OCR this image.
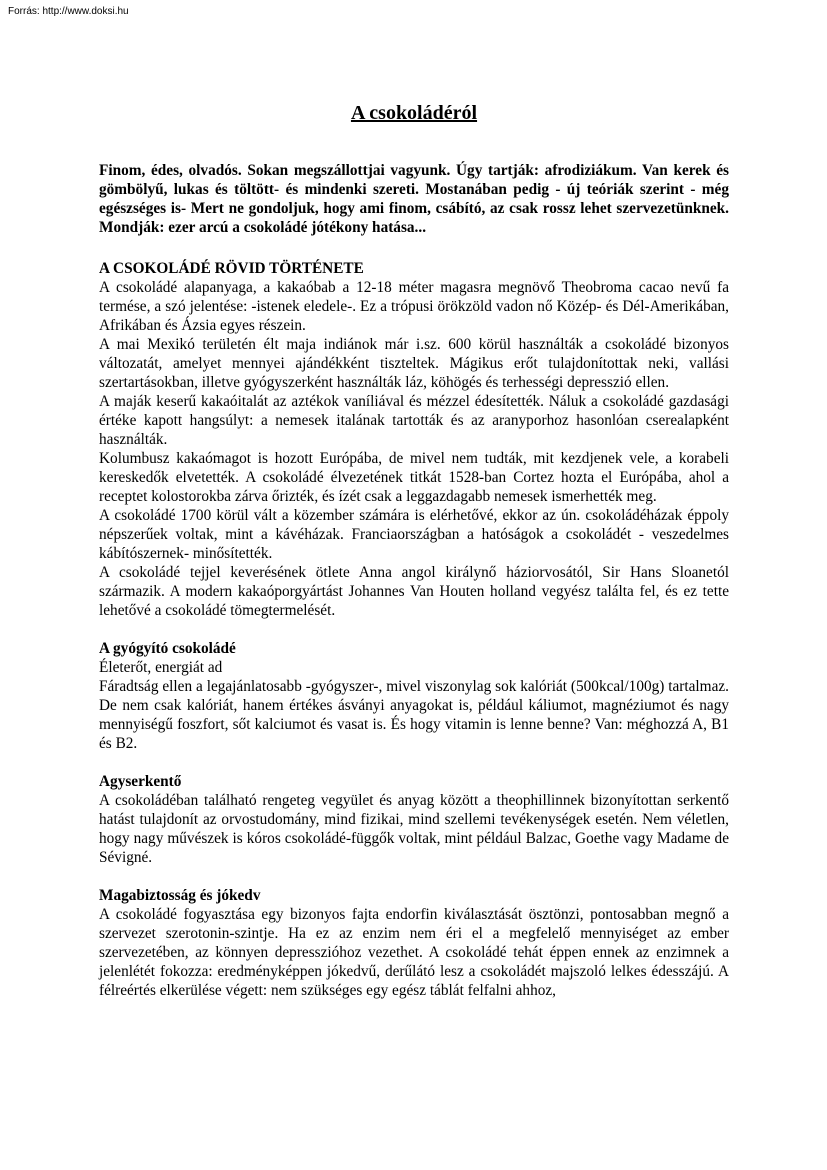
Forrás: http://www.doksi.hu
A csokoládéról

Finom, édes, olvadós. Sokan megszállottjai vagyunk. Úgy tartják: afrodiziákum. Van kerek és gömbölyű, lukas és töltött- és mindenki szereti. Mostanában pedig - új teóriák szerint - még egészséges is- Mert ne gondoljuk, hogy ami finom, csábító, az csak rossz lehet szervezetünknek. Mondják: ezer arcú a csokoládé jótékony hatása...

A CSOKOLÁDÉ RÖVID TÖRTÉNETE

A csokoládé alapanyaga, a kakaóbab a 12-18 méter magasra megnövő Theobroma cacao nevű fa termése, a szó jelentése: -istenek eledele-. Ez a trópusi örökzöld vadon nő Közép- és Dél-Amerikában, Afrikában és Ázsia egyes részein.

A mai Mexikó területén élt maja indiánok már i.sz. 600 körül használták a csokoládé bizonyos változatát, amelyet mennyei ajándékként tiszteltek. Mágikus erőt tulajdonítottak neki, vallási szertartásokban, illetve gyógyszerként használták láz, köhögés és terhességi depresszió ellen.

A maják keserű kakaóitalát az aztékok vaníliával és mézzel édesítették. Náluk a csokoládé gazdasági értéke kapott hangsúlyt: a nemesek italának tartották és az aranyporhoz hasonlóan cserealapként használták.

Kolumbusz kakaómagot is hozott Európába, de mivel nem tudták, mit kezdjenek vele, a korabeli kereskedők elvetették. A csokoládé élvezetének titkát 1528-ban Cortez hozta el Európába, ahol a receptet kolostorokba zárva őrizték, és ízét csak a leggazdagabb nemesek ismerhették meg.

A csokoládé 1700 körül vált a közember számára is elérhetővé, ekkor az ún. csokoládéházak éppoly népszerűek voltak, mint a kávéházak. Franciaországban a hatóságok a csokoládét - veszedelmes kábítószernek- minősítették.

A csokoládé tejjel keverésének ötlete Anna angol királynő háziorvosától, Sir Hans Sloanetól származik. A modern kakaóporgyártást Johannes Van Houten holland vegyész találta fel, és ez tette lehetővé a csokoládé tömegtermelését.

A gyógyító csokoládé

Életerőt, energiát ad

Fáradtság ellen a legajánlatosabb -gyógyszer-, mivel viszonylag sok kalóriát (500kcal/100g) tartalmaz. De nem csak kalóriát, hanem értékes ásványi anyagokat is, például káliumot, magnéziumot és nagy mennyiségű foszfort, sőt kalciumot és vasat is. És hogy vitamin is lenne benne? Van: méghozzá A, B1 és B2.

Agyserkentő

A csokoládéban található rengeteg vegyület és anyag között a theophillinnek bizonyítottan serkentő hatást tulajdonít az orvostudomány, mind fizikai, mind szellemi tevékenységek esetén. Nem véletlen, hogy nagy művészek is kóros csokoládé-függők voltak, mint például Balzac, Goethe vagy Madame de Sévigné.

Magabiztosság és jókedv

A csokoládé fogyasztása egy bizonyos fajta endorfin kiválasztását ösztönzi, pontosabban megnő a szervezet szerotonin-szintje. Ha ez az enzim nem éri el a megfelelő mennyiséget az ember szervezetében, az könnyen depresszióhoz vezethet. A csokoládé tehát éppen ennek az enzimnek a jelenlétét fokozza: eredményképpen jókedvű, derűlátó lesz a csokoládét majszoló lelkes édesszájú. A félreértés elkerülése végett: nem szükséges egy egész táblát felfalni ahhoz,
